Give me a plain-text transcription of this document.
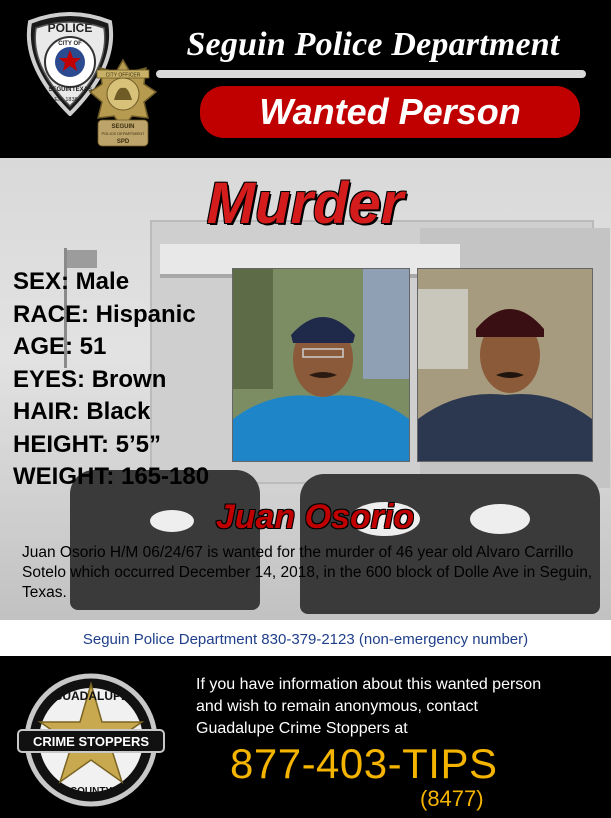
POLICE
CITY OF
SEGUIN TEXAS
Est. 1838
CITY OFFICER
SEGUIN
POLICE DEPARTMENT
SPD
Seguin Police Department
Wanted Person
Murder
SEX: Male
RACE: Hispanic
AGE: 51
EYES: Brown
HAIR: Black
HEIGHT: 5’5”
WEIGHT: 165-180
Juan Osorio
Juan Osorio H/M 06/24/67 is wanted for the murder of 46 year old Alvaro Carrillo Sotelo which occurred December 14, 2018, in the 600 block of Dolle Ave in Seguin, Texas.
Seguin Police Department 830-379-2123 (non-emergency number)
CRIME STOPPERS
GUADALUPE
COUNTY
If you have information about this wanted person and wish to remain anonymous, contact Guadalupe Crime Stoppers at
877-403-TIPS
(8477)
